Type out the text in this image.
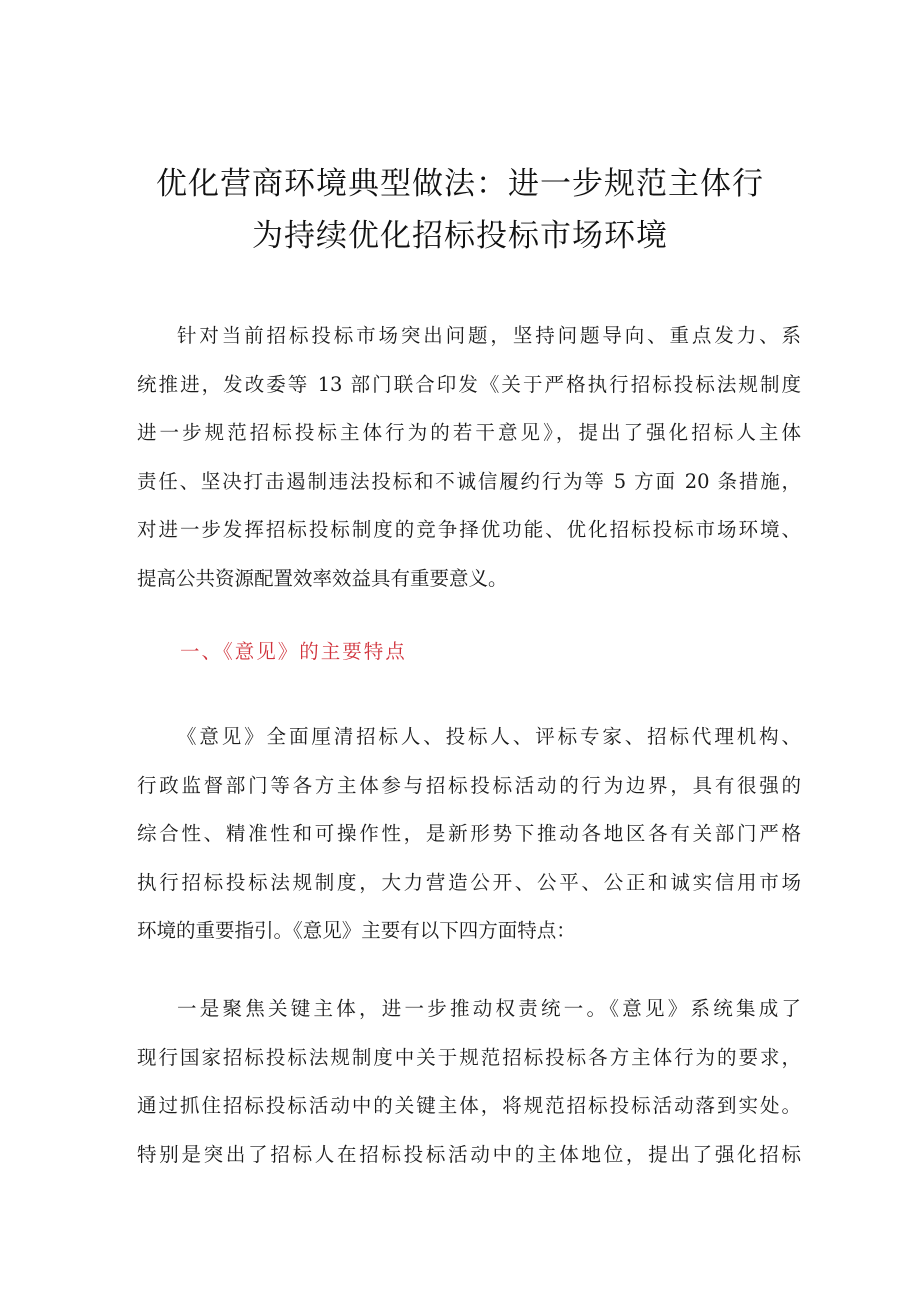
优化营商环境典型做法：进一步规范主体行
为持续优化招标投标市场环境
针对当前招标投标市场突出问题，坚持问题导向、重点发力、系
统推进，发改委等 13 部门联合印发《关于严格执行招标投标法规制度
进一步规范招标投标主体行为的若干意见》，提出了强化招标人主体
责任、坚决打击遏制违法投标和不诚信履约行为等 5 方面 20 条措施，
对进一步发挥招标投标制度的竞争择优功能、优化招标投标市场环境、
提高公共资源配置效率效益具有重要意义。
一、《意见》的主要特点
《意见》全面厘清招标人、投标人、评标专家、招标代理机构、
行政监督部门等各方主体参与招标投标活动的行为边界，具有很强的
综合性、精准性和可操作性，是新形势下推动各地区各有关部门严格
执行招标投标法规制度，大力营造公开、公平、公正和诚实信用市场
环境的重要指引。《意见》主要有以下四方面特点：
一是聚焦关键主体，进一步推动权责统一。《意见》系统集成了
现行国家招标投标法规制度中关于规范招标投标各方主体行为的要求，
通过抓住招标投标活动中的关键主体，将规范招标投标活动落到实处。
特别是突出了招标人在招标投标活动中的主体地位，提出了强化招标
